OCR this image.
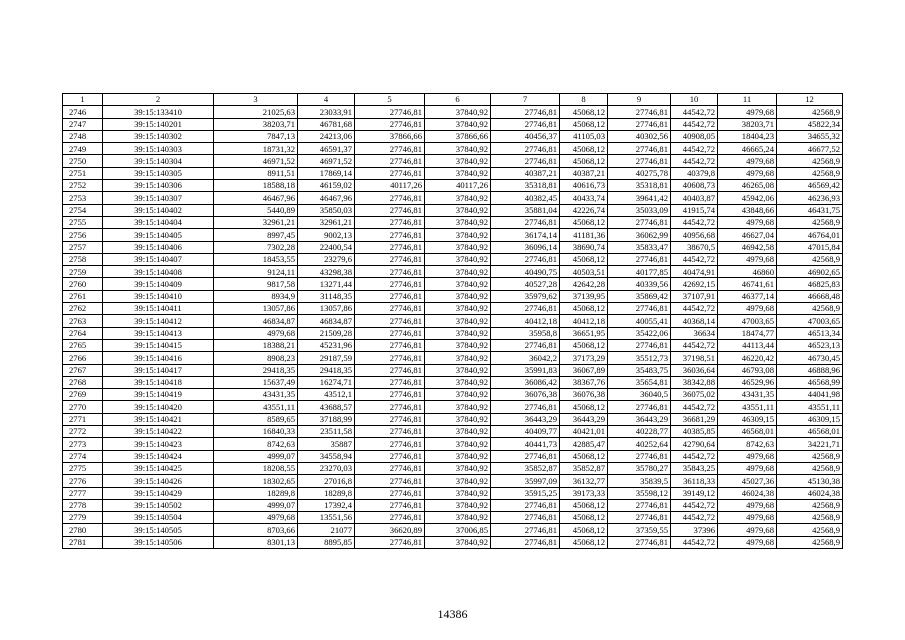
1	2	3	4	5	6	7	8	9	10	11	12
2746	39:15:133410	21025,63	23033,91	27746,81	37840,92	27746,81	45068,12	27746,81	44542,72	4979,68	42568,9
2747	39:15:140201	38203,71	46781,68	27746,81	37840,92	27746,81	45068,12	27746,81	44542,72	38203,71	45822,34
2748	39:15:140302	7847,13	24213,06	37866,66	37866,66	40456,37	41105,03	40302,56	40908,05	18404,23	34655,32
2749	39:15:140303	18731,32	46591,37	27746,81	37840,92	27746,81	45068,12	27746,81	44542,72	46665,24	46677,52
2750	39:15:140304	46971,52	46971,52	27746,81	37840,92	27746,81	45068,12	27746,81	44542,72	4979,68	42568,9
2751	39:15:140305	8911,51	17869,14	27746,81	37840,92	40387,21	40387,21	40275,78	40379,8	4979,68	42568,9
2752	39:15:140306	18588,18	46159,02	40117,26	40117,26	35318,81	40616,73	35318,81	40608,73	46265,08	46569,42
2753	39:15:140307	46467,96	46467,96	27746,81	37840,92	40382,45	40433,74	39641,42	40403,87	45942,06	46236,93
2754	39:15:140402	5440,89	35850,03	27746,81	37840,92	35881,04	42226,74	35033,09	41915,74	43848,66	46431,75
2755	39:15:140404	32961,21	32961,21	27746,81	37840,92	27746,81	45068,12	27746,81	44542,72	4979,68	42568,9
2756	39:15:140405	8997,45	9002,13	27746,81	37840,92	36174,14	41181,36	36062,99	40956,68	46627,04	46764,01
2757	39:15:140406	7302,28	22400,54	27746,81	37840,92	36096,14	38690,74	35833,47	38670,5	46942,58	47015,84
2758	39:15:140407	18453,55	23279,6	27746,81	37840,92	27746,81	45068,12	27746,81	44542,72	4979,68	42568,9
2759	39:15:140408	9124,11	43298,38	27746,81	37840,92	40490,75	40503,51	40177,85	40474,91	46860	46902,65
2760	39:15:140409	9817,58	13271,44	27746,81	37840,92	40527,28	42642,28	40339,56	42692,15	46741,61	46825,83
2761	39:15:140410	8934,9	31148,35	27746,81	37840,92	35979,62	37139,95	35869,42	37107,91	46377,14	46668,48
2762	39:15:140411	13057,86	13057,86	27746,81	37840,92	27746,81	45068,12	27746,81	44542,72	4979,68	42568,9
2763	39:15:140412	46834,87	46834,87	27746,81	37840,92	40412,18	40412,18	40055,41	40368,14	47003,65	47003,65
2764	39:15:140413	4979,68	21509,28	27746,81	37840,92	35958,8	36651,95	35422,06	36634	18474,77	46513,34
2765	39:15:140415	18388,21	45231,96	27746,81	37840,92	27746,81	45068,12	27746,81	44542,72	44113,44	46523,13
2766	39:15:140416	8908,23	29187,59	27746,81	37840,92	36042,2	37173,29	35512,73	37198,51	46220,42	46730,45
2767	39:15:140417	29418,35	29418,35	27746,81	37840,92	35991,83	36067,89	35483,75	36036,64	46793,08	46888,96
2768	39:15:140418	15637,49	16274,71	27746,81	37840,92	36086,42	38367,76	35654,81	38342,88	46529,96	46568,99
2769	39:15:140419	43431,35	43512,1	27746,81	37840,92	36076,38	36076,38	36040,5	36075,02	43431,35	44041,98
2770	39:15:140420	43551,11	43688,57	27746,81	37840,92	27746,81	45068,12	27746,81	44542,72	43551,11	43551,11
2771	39:15:140421	8589,65	37188,99	27746,81	37840,92	36443,29	36443,29	36443,29	36681,29	46309,15	46309,15
2772	39:15:140422	16840,33	23511,58	27746,81	37840,92	40409,77	40421,01	40228,77	40385,85	46568,01	46568,01
2773	39:15:140423	8742,63	35887	27746,81	37840,92	40441,73	42885,47	40252,64	42790,64	8742,63	34221,71
2774	39:15:140424	4999,07	34558,94	27746,81	37840,92	27746,81	45068,12	27746,81	44542,72	4979,68	42568,9
2775	39:15:140425	18208,55	23270,03	27746,81	37840,92	35852,87	35852,87	35780,27	35843,25	4979,68	42568,9
2776	39:15:140426	18302,65	27016,8	27746,81	37840,92	35997,09	36132,77	35839,5	36118,33	45027,36	45130,38
2777	39:15:140429	18289,8	18289,8	27746,81	37840,92	35915,25	39173,33	35598,12	39149,12	46024,38	46024,38
2778	39:15:140502	4999,07	17392,4	27746,81	37840,92	27746,81	45068,12	27746,81	44542,72	4979,68	42568,9
2779	39:15:140504	4979,68	13551,56	27746,81	37840,92	27746,81	45068,12	27746,81	44542,72	4979,68	42568,9
2780	39:15:140505	8703,66	21077	36620,89	37006,85	27746,81	45068,12	37359,55	37396	4979,68	42568,9
2781	39:15:140506	8301,13	8895,85	27746,81	37840,92	27746,81	45068,12	27746,81	44542,72	4979,68	42568,9
14386
